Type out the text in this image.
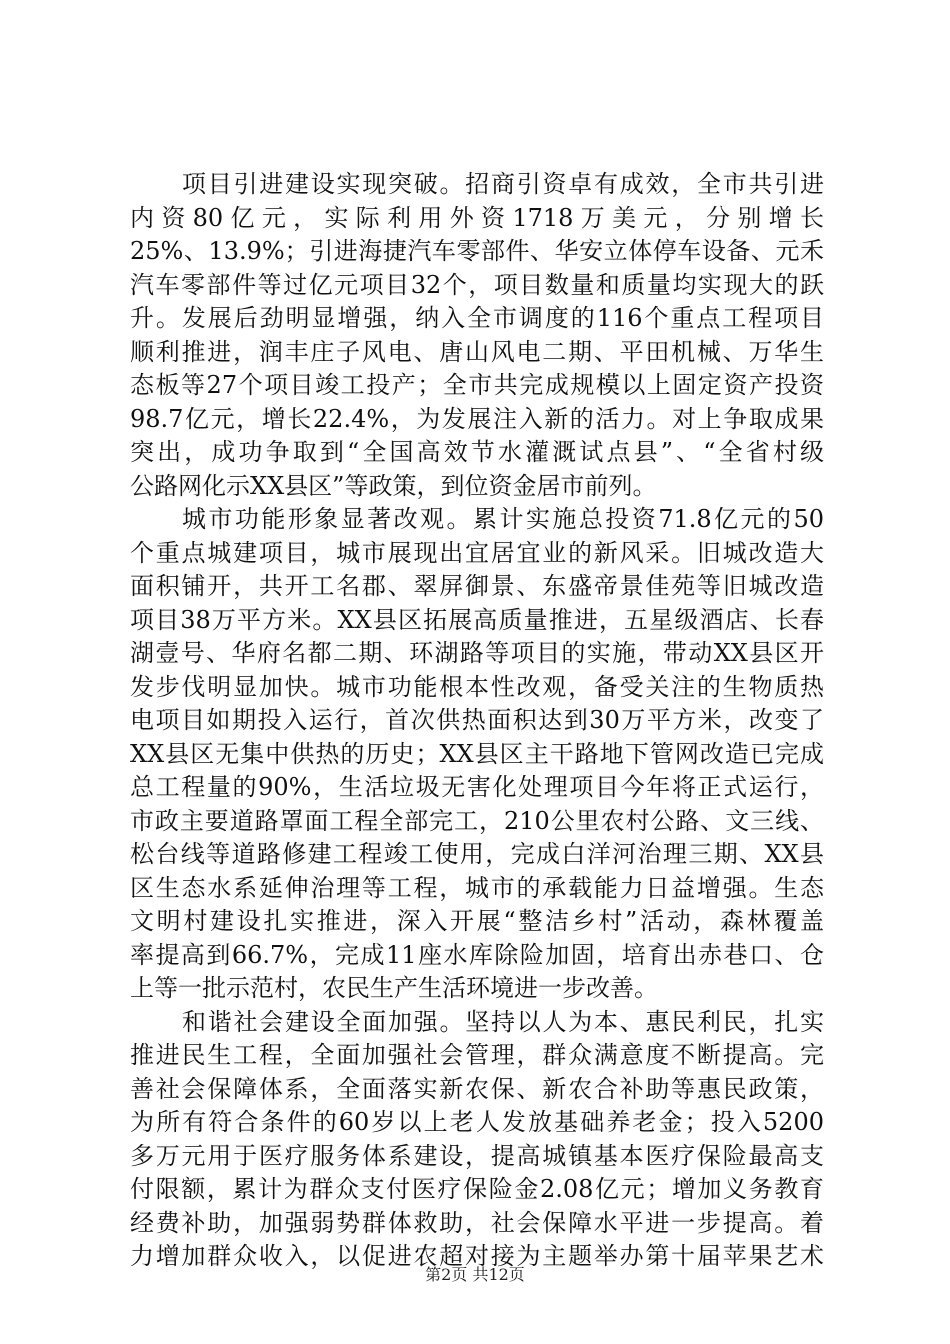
项目引进建设实现突破。招商引资卓有成效，全市共引进
内资80亿元，实际利用外资1718万美元，分别增长
25%、13.9%；引进海捷汽车零部件、华安立体停车设备、元禾
汽车零部件等过亿元项目32个，项目数量和质量均实现大的跃
升。发展后劲明显增强，纳入全市调度的116个重点工程项目
顺利推进，润丰庄子风电、唐山风电二期、平田机械、万华生
态板等27个项目竣工投产；全市共完成规模以上固定资产投资
98.7亿元，增长22.4%，为发展注入新的活力。对上争取成果
突出，成功争取到“全国高效节水灌溉试点县”、“全省村级
公路网化示XX县区”等政策，到位资金居市前列。
城市功能形象显著改观。累计实施总投资71.8亿元的50
个重点城建项目，城市展现出宜居宜业的新风采。旧城改造大
面积铺开，共开工名郡、翠屏御景、东盛帝景佳苑等旧城改造
项目38万平方米。XX县区拓展高质量推进，五星级酒店、长春
湖壹号、华府名都二期、环湖路等项目的实施，带动XX县区开
发步伐明显加快。城市功能根本性改观，备受关注的生物质热
电项目如期投入运行，首次供热面积达到30万平方米，改变了
XX县区无集中供热的历史；XX县区主干路地下管网改造已完成
总工程量的90%，生活垃圾无害化处理项目今年将正式运行，
市政主要道路罩面工程全部完工，210公里农村公路、文三线、
松台线等道路修建工程竣工使用，完成白洋河治理三期、XX县
区生态水系延伸治理等工程，城市的承载能力日益增强。生态
文明村建设扎实推进，深入开展“整洁乡村”活动，森林覆盖
率提高到66.7%，完成11座水库除险加固，培育出赤巷口、仓
上等一批示范村，农民生产生活环境进一步改善。
和谐社会建设全面加强。坚持以人为本、惠民利民，扎实
推进民生工程，全面加强社会管理，群众满意度不断提高。完
善社会保障体系，全面落实新农保、新农合补助等惠民政策，
为所有符合条件的60岁以上老人发放基础养老金；投入5200
多万元用于医疗服务体系建设，提高城镇基本医疗保险最高支
付限额，累计为群众支付医疗保险金2.08亿元；增加义务教育
经费补助，加强弱势群体救助，社会保障水平进一步提高。着
力增加群众收入，以促进农超对接为主题举办第十届苹果艺术
第2页 共12页
